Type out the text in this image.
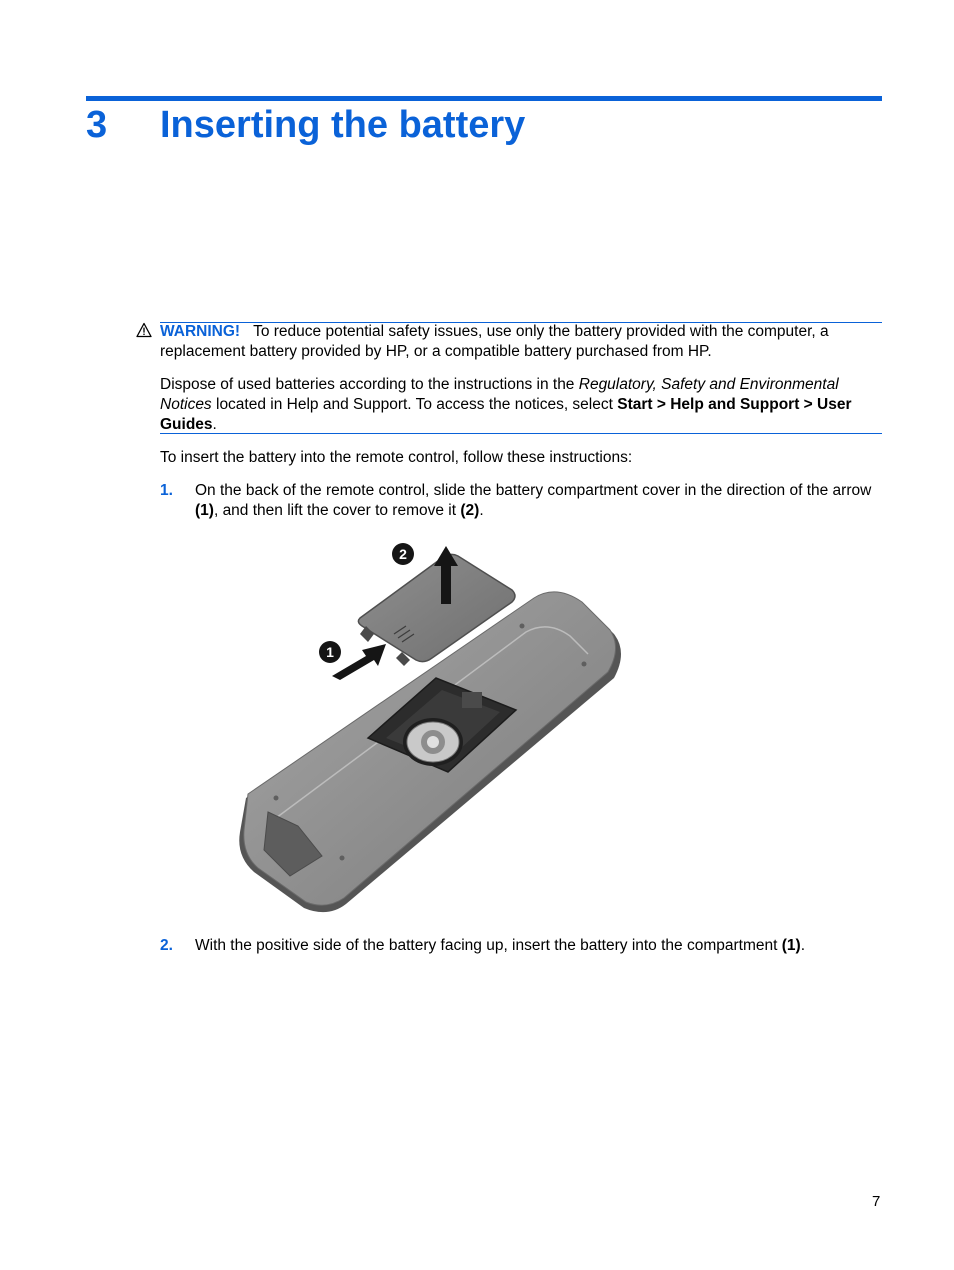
3 Inserting the battery
WARNING! To reduce potential safety issues, use only the battery provided with the computer, a replacement battery provided by HP, or a compatible battery purchased from HP.
Dispose of used batteries according to the instructions in the Regulatory, Safety and Environmental Notices located in Help and Support. To access the notices, select Start > Help and Support > User Guides.
To insert the battery into the remote control, follow these instructions:
1. On the back of the remote control, slide the battery compartment cover in the direction of the arrow (1), and then lift the cover to remove it (2).
1
2
2. With the positive side of the battery facing up, insert the battery into the compartment (1).
7
